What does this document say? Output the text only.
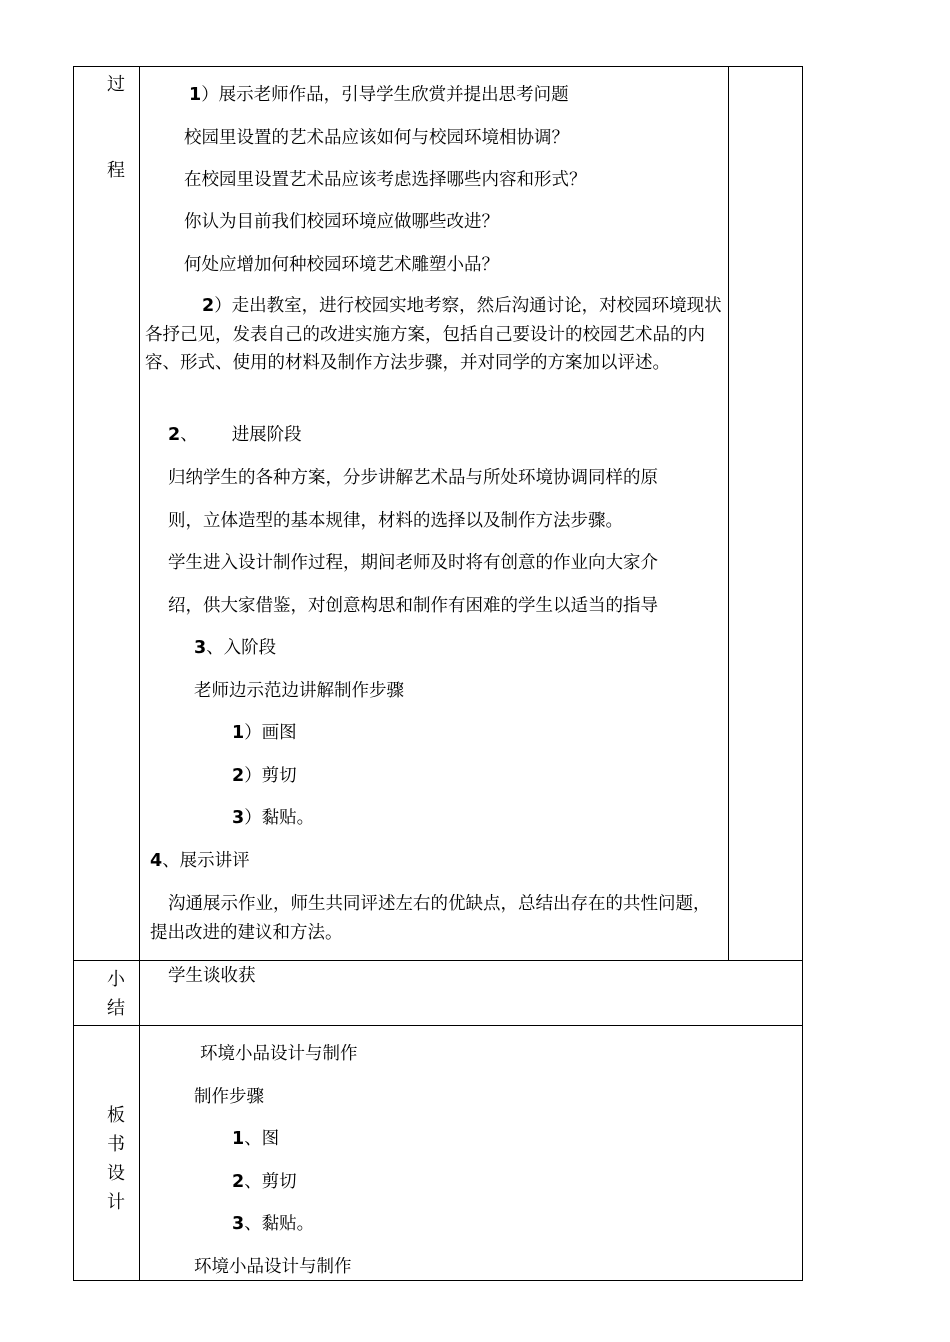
过
程
1）展示老师作品，引导学生欣赏并提出思考问题
校园里设置的艺术品应该如何与校园环境相协调？
在校园里设置艺术品应该考虑选择哪些内容和形式？
你认为目前我们校园环境应做哪些改进？
何处应增加何种校园环境艺术雕塑小品？
2）走出教室，进行校园实地考察，然后沟通讨论，对校园环境现状各抒己见，发表自己的改进实施方案，包括自己要设计的校园艺术品的内容、形式、使用的材料及制作方法步骤，并对同学的方案加以评述。
2、 进展阶段
归纳学生的各种方案，分步讲解艺术品与所处环境协调同样的原
则，立体造型的基本规律，材料的选择以及制作方法步骤。
学生进入设计制作过程，期间老师及时将有创意的作业向大家介
绍，供大家借鉴，对创意构思和制作有困难的学生以适当的指导
3、入阶段
老师边示范边讲解制作步骤
1）画图
2）剪切
3）黏贴。
4、展示讲评
沟通展示作业，师生共同评述左右的优缺点，总结出存在的共性问题，提出改进的建议和方法。
小
结
学生谈收获
板
书
设
计
环境小品设计与制作
制作步骤
1、图
2、剪切
3、黏贴。
环境小品设计与制作
